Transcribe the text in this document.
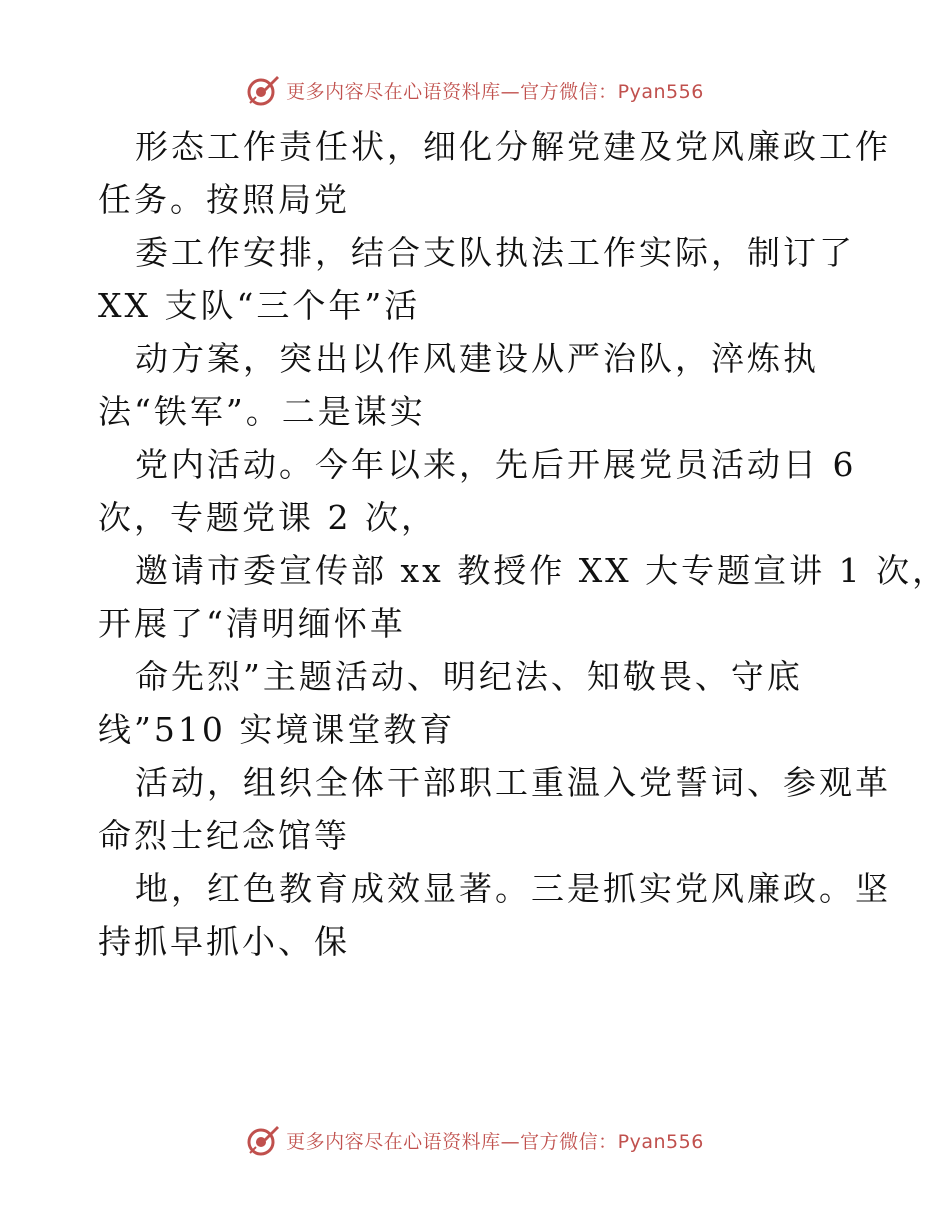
更多内容尽在心语资料库—官方微信：Pyan556
形态工作责任状，细化分解党建及党风廉政工作
任务。按照局党
委工作安排，结合支队执法工作实际，制订了
XX 支队“三个年”活
动方案，突出以作风建设从严治队，淬炼执
法“铁军”。二是谋实
党内活动。今年以来，先后开展党员活动日 6
次，专题党课 2 次，
邀请市委宣传部 xx 教授作 XX 大专题宣讲 1 次，
开展了“清明缅怀革
命先烈”主题活动、明纪法、知敬畏、守底
线”510 实境课堂教育
活动，组织全体干部职工重温入党誓词、参观革
命烈士纪念馆等
地，红色教育成效显著。三是抓实党风廉政。坚
持抓早抓小、保
更多内容尽在心语资料库—官方微信：Pyan556
